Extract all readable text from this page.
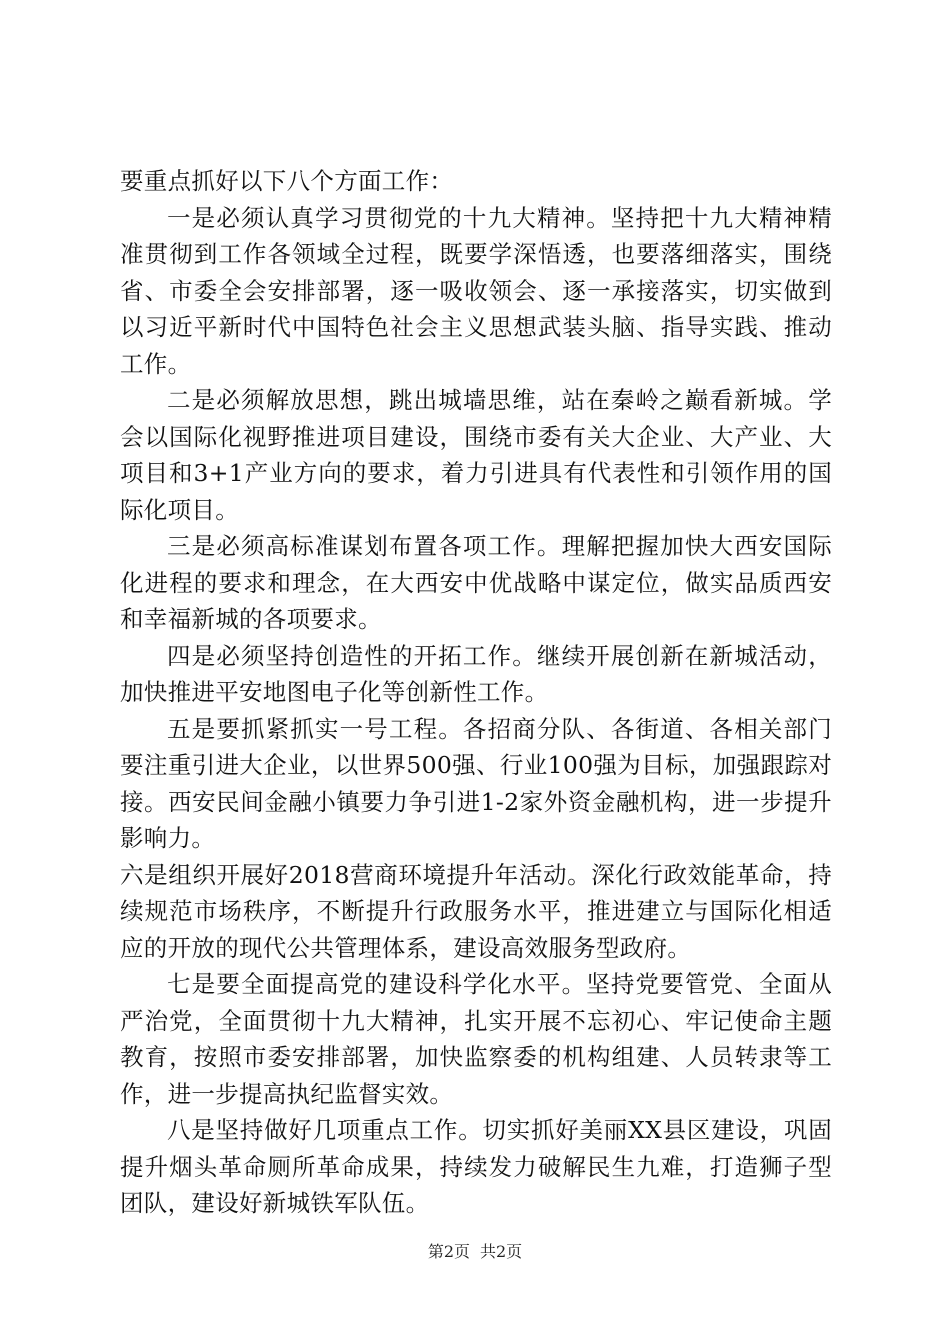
要重点抓好以下八个方面工作：

一是必须认真学习贯彻党的十九大精神。坚持把十九大精神精准贯彻到工作各领域全过程，既要学深悟透，也要落细落实，围绕省、市委全会安排部署，逐一吸收领会、逐一承接落实，切实做到以习近平新时代中国特色社会主义思想武装头脑、指导实践、推动工作。

二是必须解放思想，跳出城墙思维，站在秦岭之巅看新城。学会以国际化视野推进项目建设，围绕市委有关大企业、大产业、大项目和3+1产业方向的要求，着力引进具有代表性和引领作用的国际化项目。

三是必须高标准谋划布置各项工作。理解把握加快大西安国际化进程的要求和理念，在大西安中优战略中谋定位，做实品质西安和幸福新城的各项要求。

四是必须坚持创造性的开拓工作。继续开展创新在新城活动，加快推进平安地图电子化等创新性工作。

五是要抓紧抓实一号工程。各招商分队、各街道、各相关部门要注重引进大企业，以世界500强、行业100强为目标，加强跟踪对接。西安民间金融小镇要力争引进1-2家外资金融机构，进一步提升影响力。

六是组织开展好2018营商环境提升年活动。深化行政效能革命，持续规范市场秩序，不断提升行政服务水平，推进建立与国际化相适应的开放的现代公共管理体系，建设高效服务型政府。

七是要全面提高党的建设科学化水平。坚持党要管党、全面从严治党，全面贯彻十九大精神，扎实开展不忘初心、牢记使命主题教育，按照市委安排部署，加快监察委的机构组建、人员转隶等工作，进一步提高执纪监督实效。

八是坚持做好几项重点工作。切实抓好美丽XX县区建设，巩固提升烟头革命厕所革命成果，持续发力破解民生九难，打造狮子型团队，建设好新城铁军队伍。

第2页 共2页
